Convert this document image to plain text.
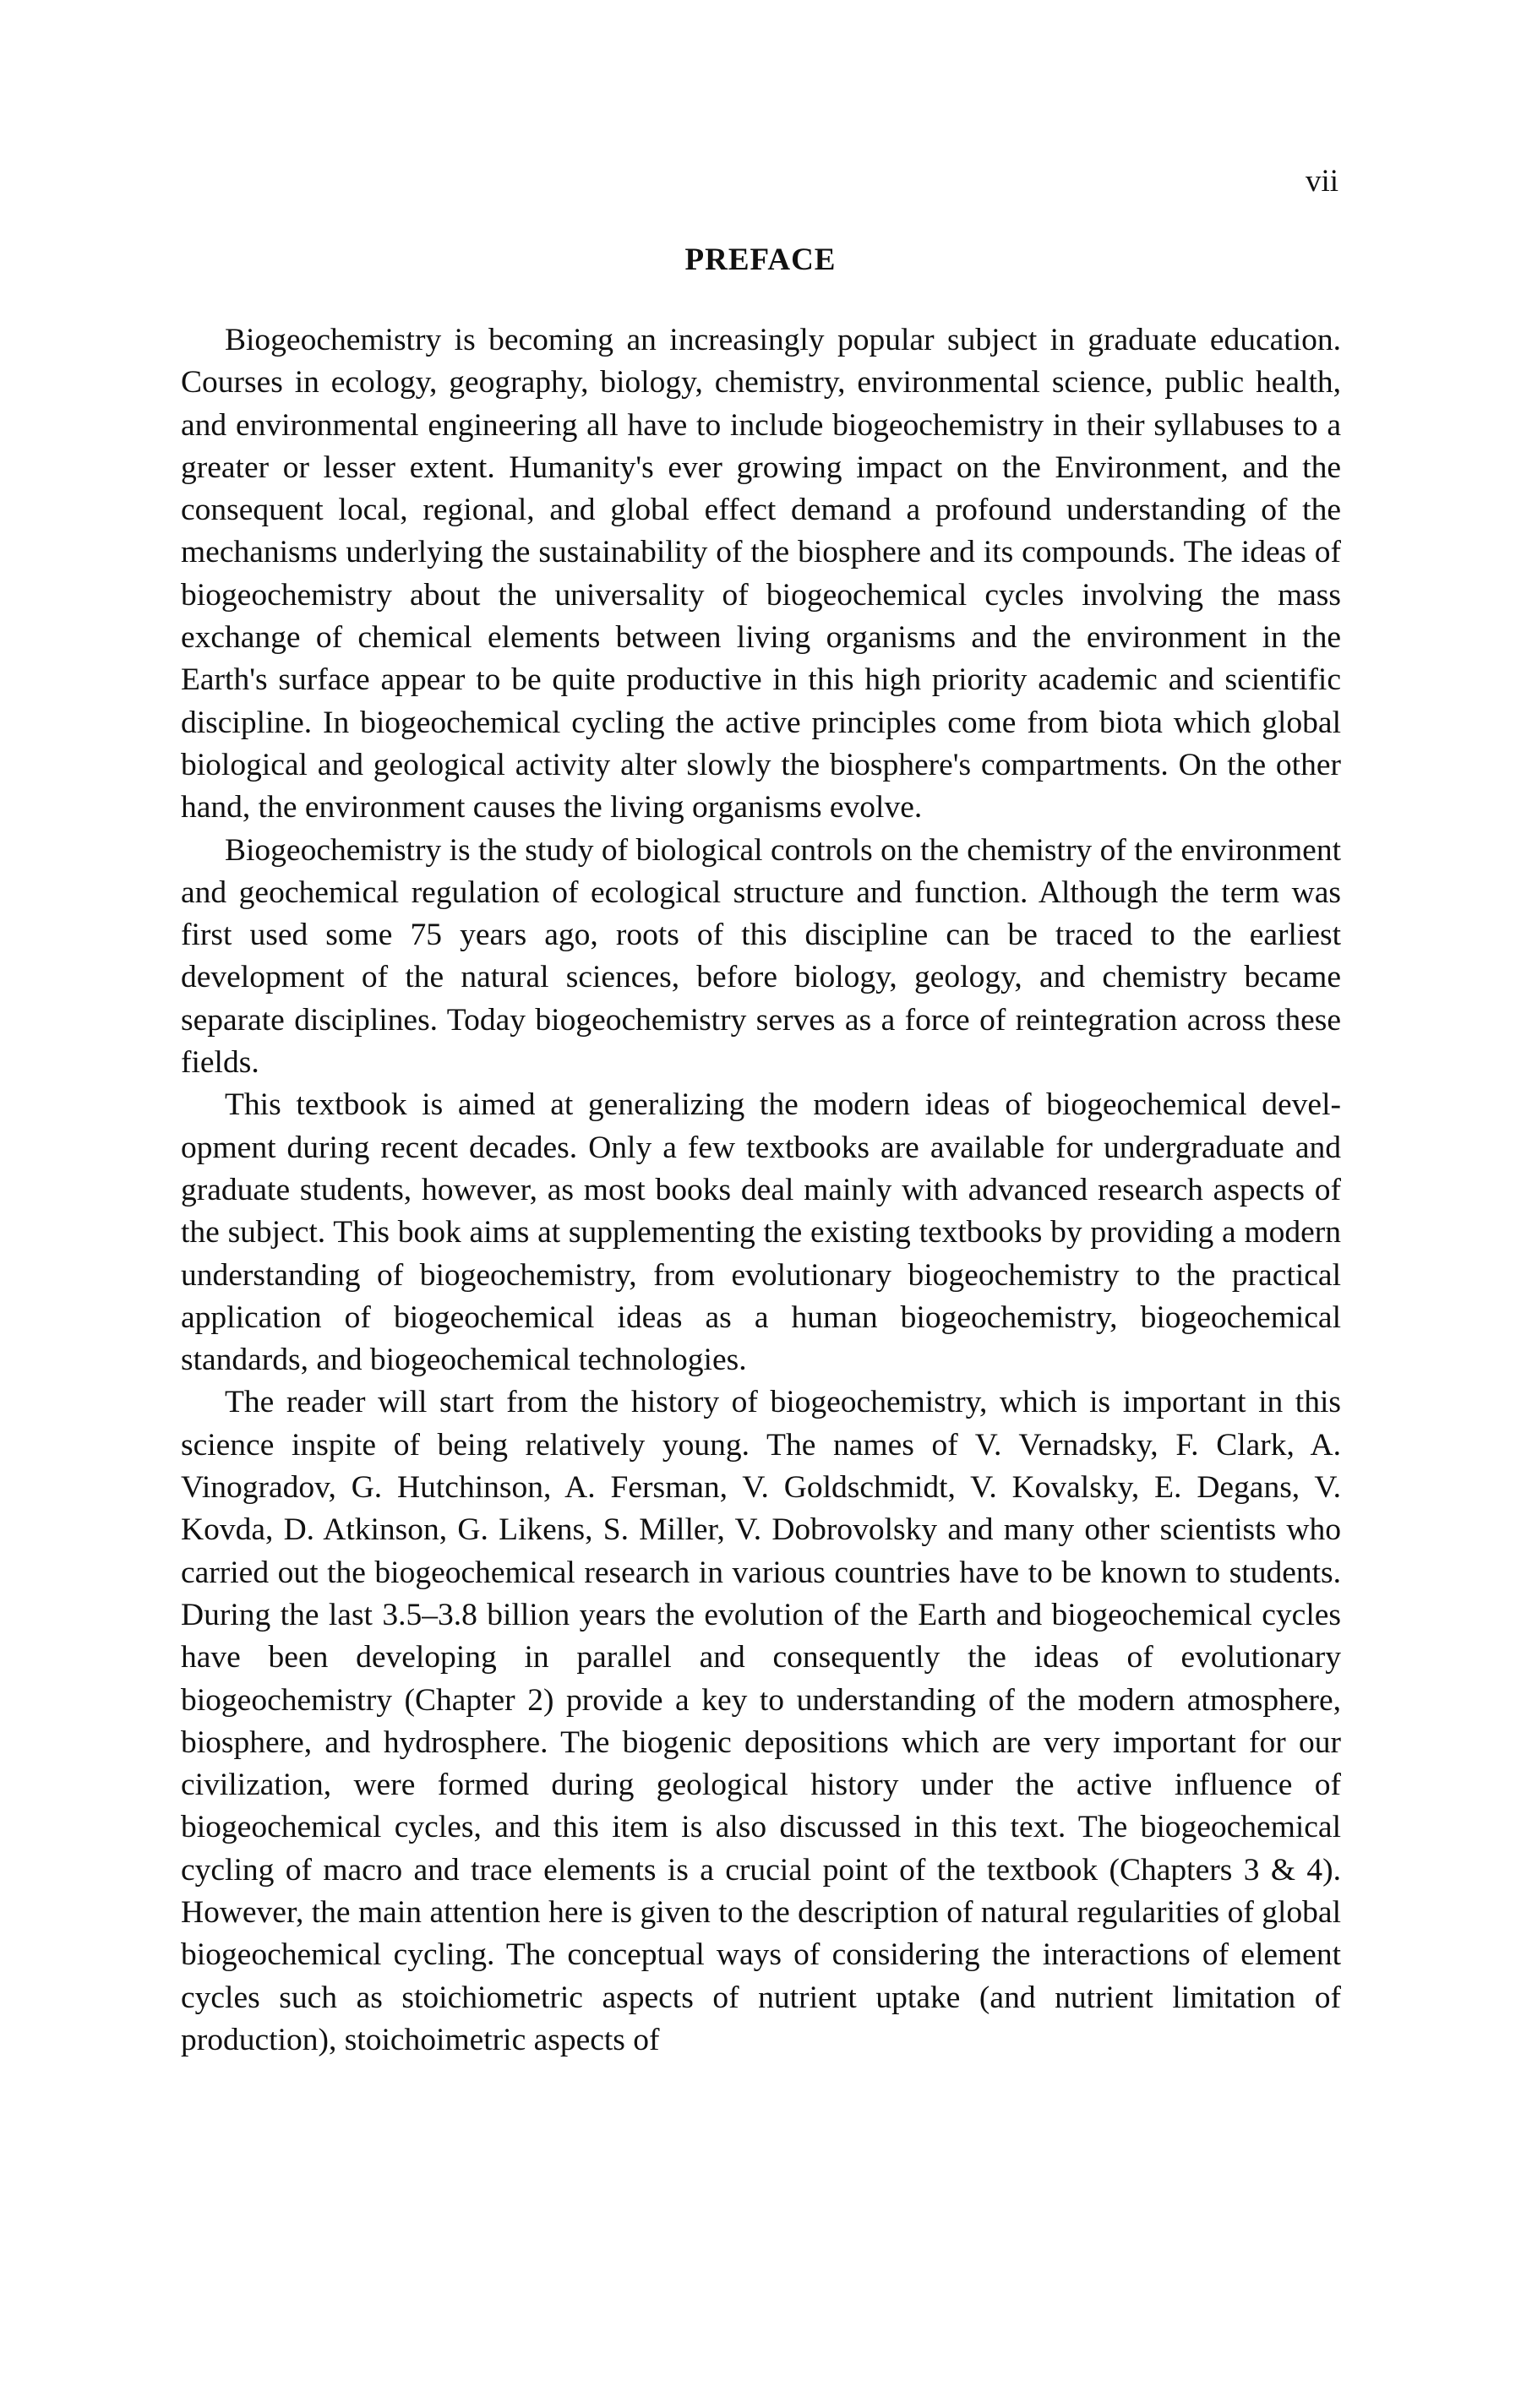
vii
PREFACE

Biogeochemistry is becoming an increasingly popular subject in graduate education. Courses in ecology, geography, biology, chemistry, environmental science, public health, and environmental engineering all have to include biogeochemistry in their syllabuses to a greater or lesser extent. Humanity's ever growing impact on the Environment, and the consequent local, regional, and global effect demand a profound understanding of the mechanisms underlying the sustainability of the biosphere and its compounds. The ideas of biogeochemistry about the universality of biogeochemical cycles involving the mass exchange of chemical elements between living organisms and the environment in the Earth's surface appear to be quite productive in this high priority academic and scientific discipline. In biogeochemical cycling the active principles come from biota which global biological and geological activity alter slowly the biosphere's compartments. On the other hand, the environment causes the living organisms evolve.

Biogeochemistry is the study of biological controls on the chemistry of the environment and geochemical regulation of ecological structure and function. Although the term was first used some 75 years ago, roots of this discipline can be traced to the earliest development of the natural sciences, before biology, geology, and chemistry became separate disciplines. Today biogeochemistry serves as a force of reintegration across these fields.

This textbook is aimed at generalizing the modern ideas of biogeochemical development during recent decades. Only a few textbooks are available for undergraduate and graduate students, however, as most books deal mainly with advanced research aspects of the subject. This book aims at supplementing the existing textbooks by providing a modern understanding of biogeochemistry, from evolutionary biogeochemistry to the practical application of biogeochemical ideas as a human biogeochemistry, biogeochemical standards, and biogeochemical technologies.

The reader will start from the history of biogeochemistry, which is important in this science inspite of being relatively young. The names of V. Vernadsky, F. Clark, A. Vinogradov, G. Hutchinson, A. Fersman, V. Goldschmidt, V. Kovalsky, E. Degans, V. Kovda, D. Atkinson, G. Likens, S. Miller, V. Dobrovolsky and many other scientists who carried out the biogeochemical research in various countries have to be known to students. During the last 3.5–3.8 billion years the evolution of the Earth and biogeochemical cycles have been developing in parallel and consequently the ideas of evolutionary biogeochemistry (Chapter 2) provide a key to understanding of the modern atmosphere, biosphere, and hydrosphere. The biogenic depositions which are very important for our civilization, were formed during geological history under the active influence of biogeochemical cycles, and this item is also discussed in this text. The biogeochemical cycling of macro and trace elements is a crucial point of the textbook (Chapters 3 & 4). However, the main attention here is given to the description of natural regularities of global biogeochemical cycling. The conceptual ways of considering the interactions of element cycles such as stoichiometric aspects of nutrient uptake (and nutrient limitation of production), stoichoimetric aspects of
